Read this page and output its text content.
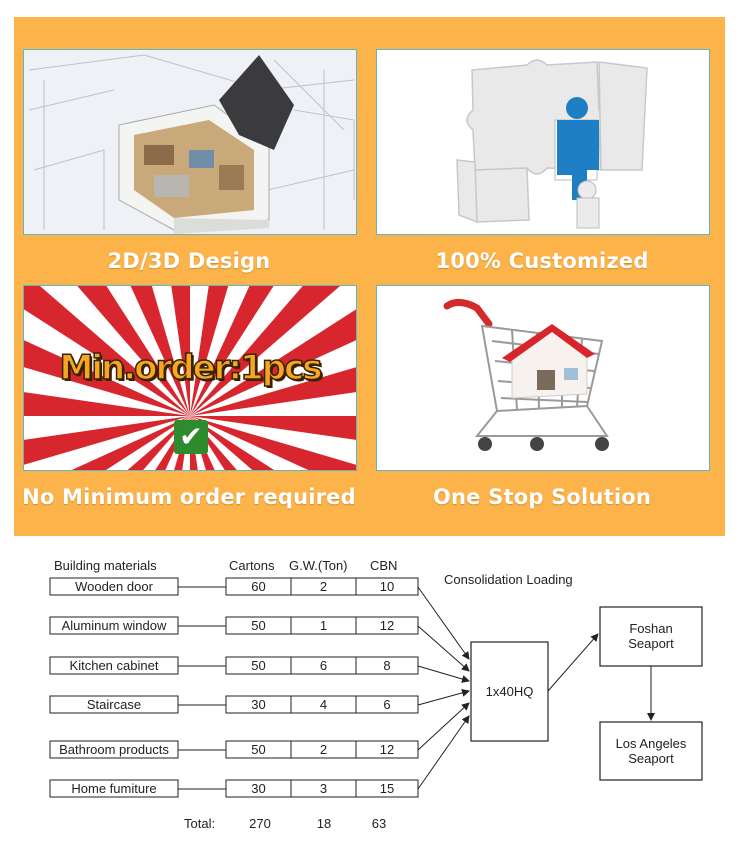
2D/3D Design	100% Customized
Min.order:1pcs
✔
No Minimum order required	One Stop Solution
Building materials	Cartons G.W.(Ton) CBN
Consolidation Loading
Wooden door	60	2	10
Aluminum window	50	1	12
Kitchen cabinet	50	6	8
Staircase	30	4	6
Bathroom products	50	2	12
Home fumiture	30	3	15
Total:	270	18	63
1x40HQ
Foshan
Seaport
Los Angeles
Seaport
